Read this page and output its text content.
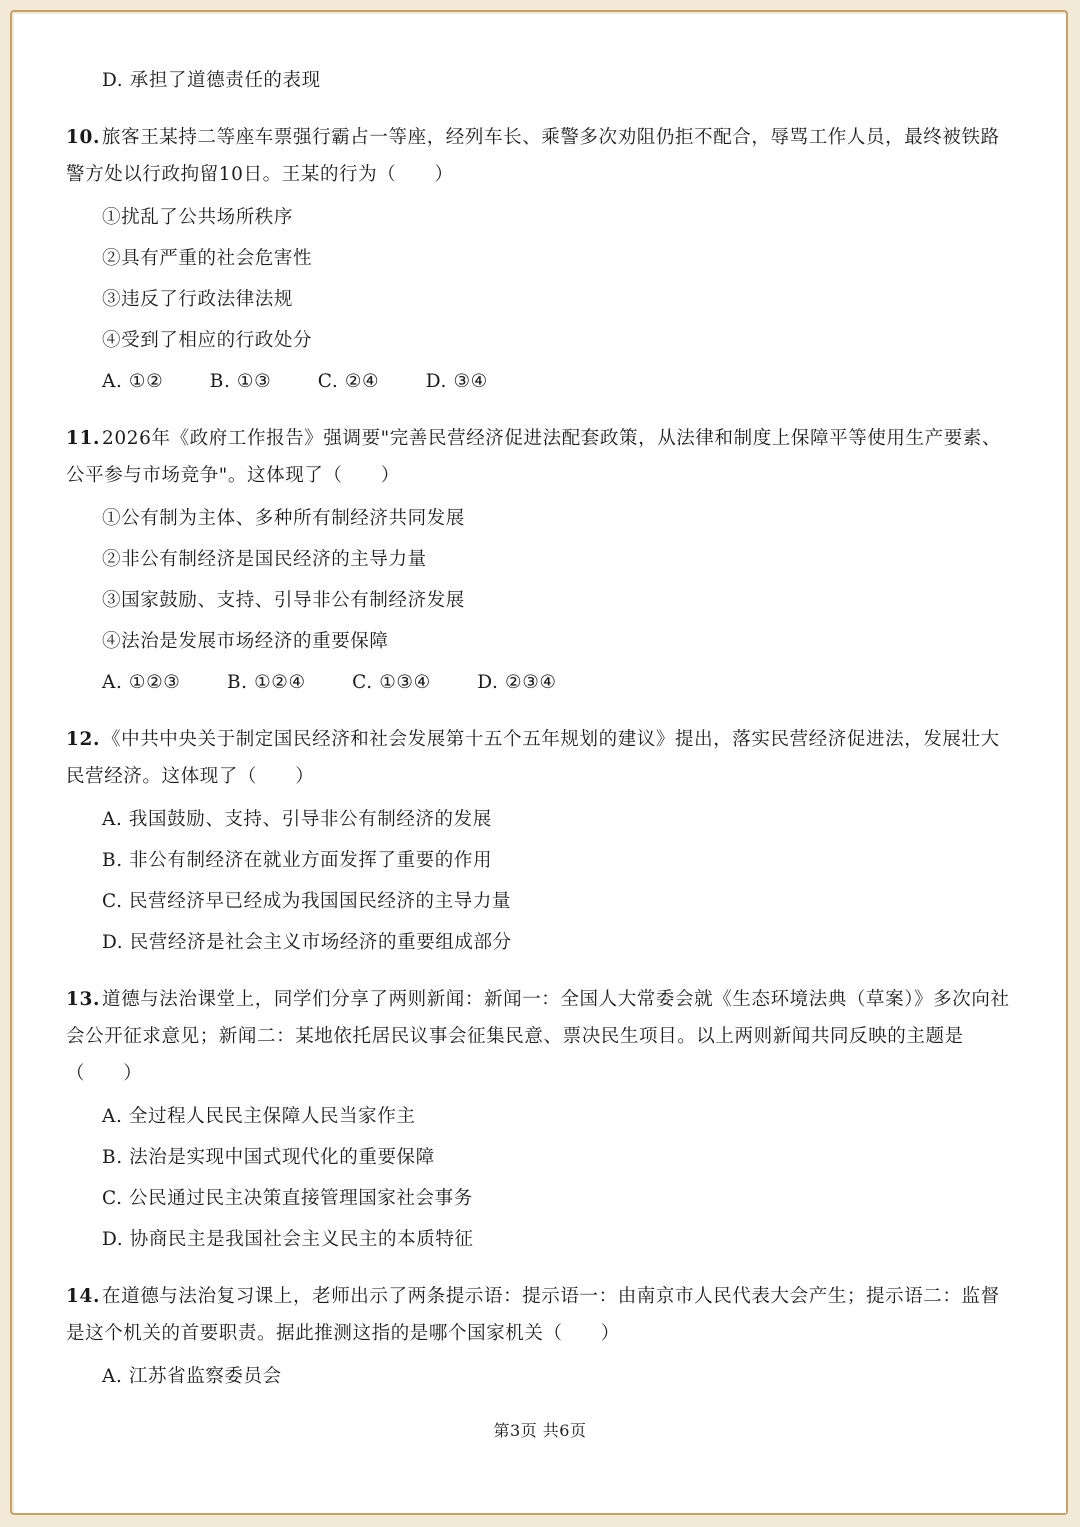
D. 承担了道德责任的表现

10. 旅客王某持二等座车票强行霸占一等座，经列车长、乘警多次劝阻仍拒不配合，辱骂工作人员，最终被铁路警方处以行政拘留10日。王某的行为（　　）

①扰乱了公共场所秩序

②具有严重的社会危害性

③违反了行政法律法规

④受到了相应的行政处分

A. ①②	B. ①③	C. ②④	D. ③④

11. 2026年《政府工作报告》强调要"完善民营经济促进法配套政策，从法律和制度上保障平等使用生产要素、公平参与市场竞争"。这体现了（　　）

①公有制为主体、多种所有制经济共同发展

②非公有制经济是国民经济的主导力量

③国家鼓励、支持、引导非公有制经济发展

④法治是发展市场经济的重要保障

A. ①②③	B. ①②④	C. ①③④	D. ②③④

12. 《中共中央关于制定国民经济和社会发展第十五个五年规划的建议》提出，落实民营经济促进法，发展壮大民营经济。这体现了（　　）

A. 我国鼓励、支持、引导非公有制经济的发展

B. 非公有制经济在就业方面发挥了重要的作用

C. 民营经济早已经成为我国国民经济的主导力量

D. 民营经济是社会主义市场经济的重要组成部分

13. 道德与法治课堂上，同学们分享了两则新闻：新闻一：全国人大常委会就《生态环境法典（草案）》多次向社会公开征求意见；新闻二：某地依托居民议事会征集民意、票决民生项目。以上两则新闻共同反映的主题是（　　）

A. 全过程人民民主保障人民当家作主

B. 法治是实现中国式现代化的重要保障

C. 公民通过民主决策直接管理国家社会事务

D. 协商民主是我国社会主义民主的本质特征

14. 在道德与法治复习课上，老师出示了两条提示语：提示语一：由南京市人民代表大会产生；提示语二：监督是这个机关的首要职责。据此推测这指的是哪个国家机关（　　）

A. 江苏省监察委员会

第3页 共6页
